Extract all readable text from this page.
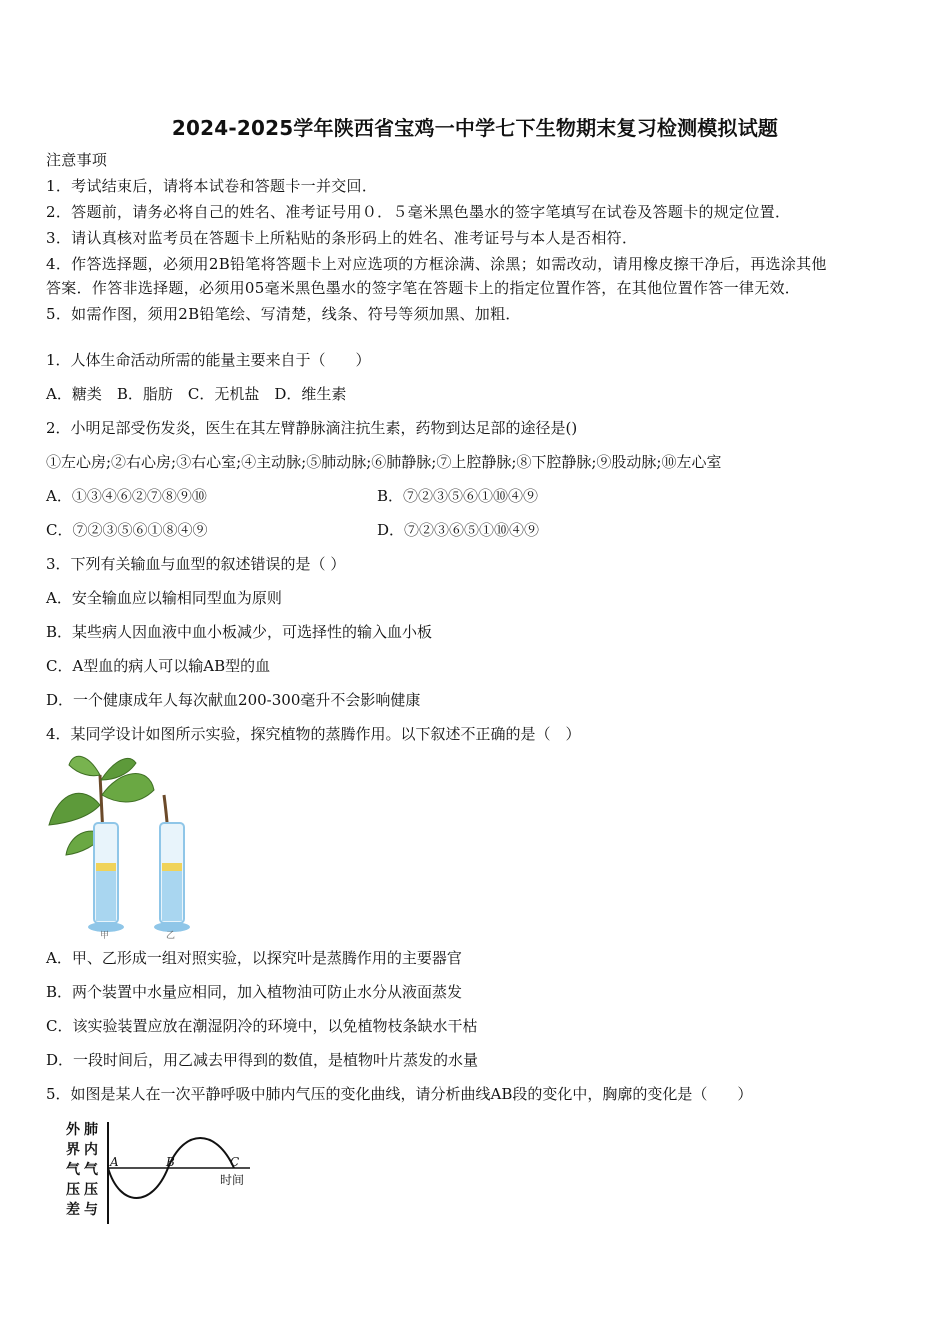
2024-2025学年陕西省宝鸡一中学七下生物期末复习检测模拟试题
注意事项
1．考试结束后，请将本试卷和答题卡一并交回．
2．答题前，请务必将自己的姓名、准考证号用０．５毫米黑色墨水的签字笔填写在试卷及答题卡的规定位置．
3．请认真核对监考员在答题卡上所粘贴的条形码上的姓名、准考证号与本人是否相符．
4．作答选择题，必须用2B铅笔将答题卡上对应选项的方框涂满、涂黑；如需改动，请用橡皮擦干净后，再选涂其他
答案．作答非选择题，必须用05毫米黑色墨水的签字笔在答题卡上的指定位置作答，在其他位置作答一律无效．
5．如需作图，须用2B铅笔绘、写清楚，线条、符号等须加黑、加粗．
1．人体生命活动所需的能量主要来自于（　　）
A．糖类　B．脂肪　C．无机盐　D．维生素
2．小明足部受伤发炎，医生在其左臂静脉滴注抗生素，药物到达足部的途径是()
①左心房;②右心房;③右心室;④主动脉;⑤肺动脉;⑥肺静脉;⑦上腔静脉;⑧下腔静脉;⑨股动脉;⑩左心室
A．①③④⑥②⑦⑧⑨⑩	B．⑦②③⑤⑥①⑩④⑨
C．⑦②③⑤⑥①⑧④⑨	D．⑦②③⑥⑤①⑩④⑨
3．下列有关输血与血型的叙述错误的是（ ）
A．安全输血应以输相同型血为原则
B．某些病人因血液中血小板减少，可选择性的输入血小板
C．A型血的病人可以输AB型的血
D．一个健康成年人每次献血200-300毫升不会影响健康
4．某同学设计如图所示实验，探究植物的蒸腾作用。以下叙述不正确的是（　）
甲	乙
A．甲、乙形成一组对照实验，以探究叶是蒸腾作用的主要器官
B．两个装置中水量应相同，加入植物油可防止水分从液面蒸发
C．该实验装置应放在潮湿阴冷的环境中，以免植物枝条缺水干枯
D．一段时间后，用乙减去甲得到的数值，是植物叶片蒸发的水量
5．如图是某人在一次平静呼吸中肺内气压的变化曲线，请分析曲线AB段的变化中，胸廓的变化是（　　）
外
界
气
压
差
肺
内
气
压
与
A	B	C
时间
